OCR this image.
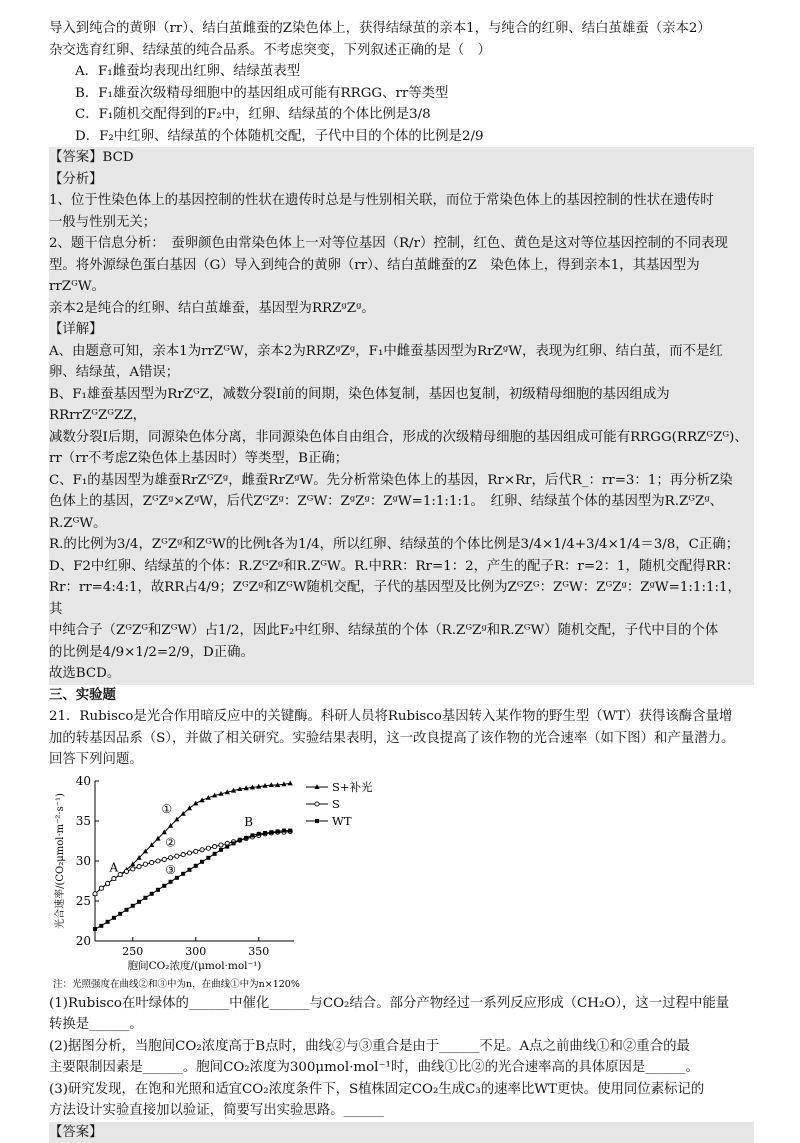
导入到纯合的黄卵（rr）、结白茧雌蚕的Z染色体上，获得结绿茧的亲本1，与纯合的红卵、结白茧雄蚕（亲本2）

杂交选育红卵、结绿茧的纯合品系。不考虑突变，下列叙述正确的是（　）

A．F₁雌蚕均表现出红卵、结绿茧表型

B．F₁雄蚕次级精母细胞中的基因组成可能有RRGG、rr等类型

C．F₁随机交配得到的F₂中，红卵、结绿茧的个体比例是3/8

D．F₂中红卵、结绿茧的个体随机交配，子代中目的个体的比例是2/9

【答案】BCD

【分析】

1、位于性染色体上的基因控制的性状在遗传时总是与性别相关联，而位于常染色体上的基因控制的性状在遗传时

一般与性别无关；

2、题干信息分析：　蚕卵颜色由常染色体上一对等位基因（R/r）控制，红色、黄色是这对等位基因控制的不同表现

型。将外源绿色蛋白基因（G）导入到纯合的黄卵（rr）、结白茧雌蚕的Z　染色体上，得到亲本1，其基因型为rrZᴳW。

亲本2是纯合的红卵、结白茧雄蚕，基因型为RRZᵍZᵍ。

【详解】

A、由题意可知，亲本1为rrZᴳW，亲本2为RRZᵍZᵍ，F₁中雌蚕基因型为RrZᵍW，表现为红卵、结白茧，而不是红

卵、结绿茧，A错误；

B、F₁雄蚕基因型为RrZᴳZ，减数分裂Ⅰ前的间期，染色体复制，基因也复制，初级精母细胞的基因组成为RRrrZᴳZᴳZZ，

减数分裂Ⅰ后期，同源染色体分离，非同源染色体自由组合，形成的次级精母细胞的基因组成可能有RRGG(RRZᴳZᴳ)、

rr（rr不考虑Z染色体上基因时）等类型，B正确；

C、F₁的基因型为雄蚕RrZᴳZᵍ，雌蚕RrZᵍW。先分析常染色体上的基因，Rr×Rr，后代R_：rr=3：1；再分析Z染

色体上的基因，ZᴳZᵍ×ZᵍW，后代ZᴳZᵍ：ZᴳW：ZᵍZᵍ：ZᵍW=1:1:1:1。　红卵、结绿茧个体的基因型为R.ZᴳZᵍ、R.ZᴳW。

R.的比例为3/4，ZᴳZᵍ和ZᴳW的比例t各为1/4，所以红卵、结绿茧的个体比例是3/4×1/4+3/4×1/4＝3/8，C正确；

D、F2中红卵、结绿茧的个体：R.ZᴳZᵍ和R.ZᴳW。R.中RR：Rr=1：2，产生的配子R：r=2：1，随机交配得RR：

Rr：rr=4:4:1，故RR占4/9；ZᴳZᵍ和ZᴳW随机交配，子代的基因型及比例为ZᴳZᴳ：ZᴳW：ZᴳZᵍ：ZᵍW=1:1:1:1，其

中纯合子（ZᴳZᴳ和ZᴳW）占1/2，因此F₂中红卵、结绿茧的个体（R.ZᴳZᵍ和R.ZᴳW）随机交配，子代中目的个体

的比例是4/9×1/2=2/9，D正确。

故选BCD。

三、实验题

21．Rubisco是光合作用暗反应中的关键酶。科研人员将Rubisco基因转入某作物的野生型（WT）获得该酶含量增

加的转基因品系（S），并做了相关研究。实验结果表明，这一改良提高了该作物的光合速率（如下图）和产量潜力。

回答下列问题。

20
25
30
35
40
250	300	350
胞间CO₂浓度/(μmol·mol⁻¹)
光合速率/(CO₂μmol·m⁻²·s⁻¹)	A
B
①
②
③
S+补光
S
WT
注：光照强度在曲线②和③中为n，在曲线①中为n×120%

(1)Rubisco在叶绿体的______中催化______与CO₂结合。部分产物经过一系列反应形成（CH₂O），这一过程中能量

转换是______。

(2)据图分析，当胞间CO₂浓度高于B点时，曲线②与③重合是由于______不足。A点之前曲线①和②重合的最

主要限制因素是______。胞间CO₂浓度为300μmol·mol⁻¹时，曲线①比②的光合速率高的具体原因是______。

(3)研究发现，在饱和光照和适宜CO₂浓度条件下，S植株固定CO₂生成C₃的速率比WT更快。使用同位素标记的

方法设计实验直接加以验证，简要写出实验思路。______

【答案】
